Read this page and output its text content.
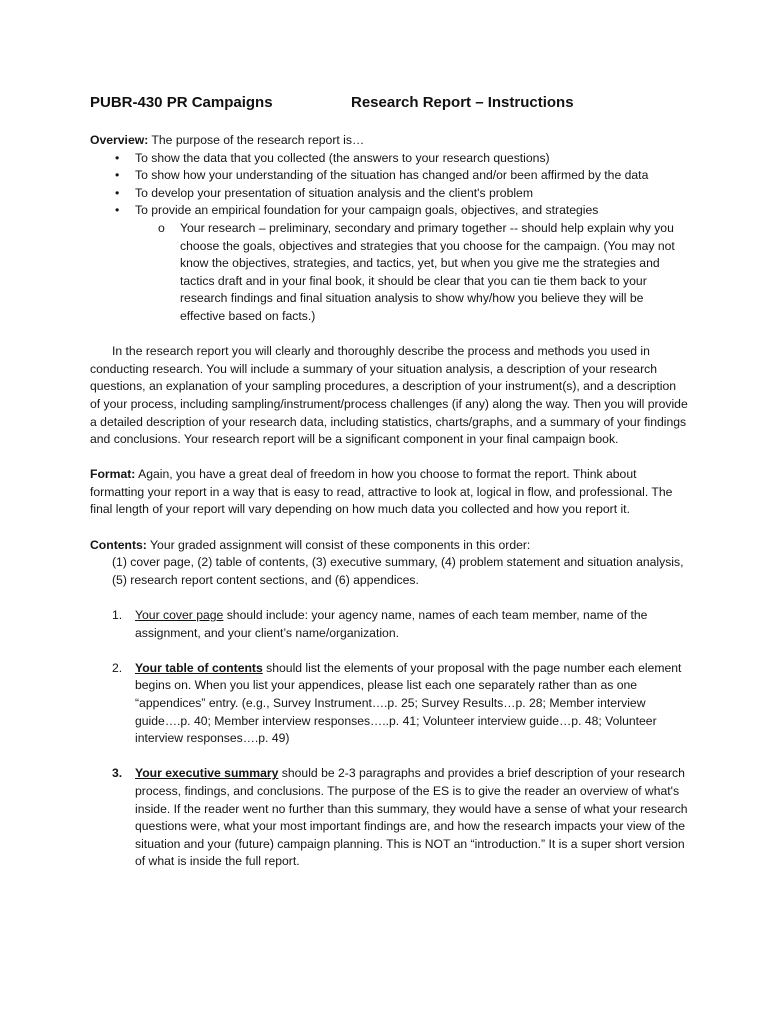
PUBR-430 PR Campaigns	Research Report – Instructions

Overview: The purpose of the research report is…

• To show the data that you collected (the answers to your research questions)
• To show how your understanding of the situation has changed and/or been affirmed by the data
• To develop your presentation of situation analysis and the client's problem
• To provide an empirical foundation for your campaign goals, objectives, and strategies
o Your research – preliminary, secondary and primary together -- should help explain why you choose the goals, objectives and strategies that you choose for the campaign. (You may not know the objectives, strategies, and tactics, yet, but when you give me the strategies and tactics draft and in your final book, it should be clear that you can tie them back to your research findings and final situation analysis to show why/how you believe they will be effective based on facts.)

In the research report you will clearly and thoroughly describe the process and methods you used in conducting research. You will include a summary of your situation analysis, a description of your research questions, an explanation of your sampling procedures, a description of your instrument(s), and a description of your process, including sampling/instrument/process challenges (if any) along the way. Then you will provide a detailed description of your research data, including statistics, charts/graphs, and a summary of your findings and conclusions. Your research report will be a significant component in your final campaign book.

Format: Again, you have a great deal of freedom in how you choose to format the report. Think about formatting your report in a way that is easy to read, attractive to look at, logical in flow, and professional. The final length of your report will vary depending on how much data you collected and how you report it.

Contents: Your graded assignment will consist of these components in this order:

(1) cover page, (2) table of contents, (3) executive summary, (4) problem statement and situation analysis, (5) research report content sections, and (6) appendices.

1. Your cover page should include: your agency name, names of each team member, name of the assignment, and your client’s name/organization.
2. Your table of contents should list the elements of your proposal with the page number each element begins on. When you list your appendices, please list each one separately rather than as one “appendices” entry. (e.g., Survey Instrument….p. 25; Survey Results…p. 28; Member interview guide….p. 40; Member interview responses…..p. 41; Volunteer interview guide…p. 48; Volunteer interview responses….p. 49)
3. Your executive summary should be 2-3 paragraphs and provides a brief description of your research process, findings, and conclusions. The purpose of the ES is to give the reader an overview of what's inside. If the reader went no further than this summary, they would have a sense of what your research questions were, what your most important findings are, and how the research impacts your view of the situation and your (future) campaign planning. This is NOT an “introduction.” It is a super short version of what is inside the full report.
